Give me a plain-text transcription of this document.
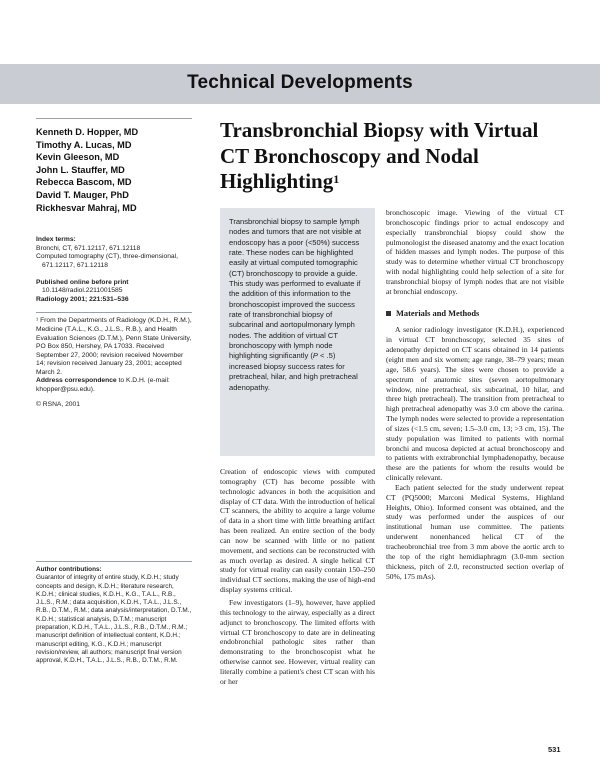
Technical Developments
Kenneth D. Hopper, MD
Timothy A. Lucas, MD
Kevin Gleeson, MD
John L. Stauffer, MD
Rebecca Bascom, MD
David T. Mauger, PhD
Rickhesvar Mahraj, MD
Index terms:
Bronchi, CT, 671.12117, 671.12118
Computed tomography (CT), three-dimensional, 671.12117, 671.12118
Published online before print
10.1148/radiol.2211001585
Radiology 2001; 221:531–536
¹ From the Departments of Radiology (K.D.H., R.M.), Medicine (T.A.L., K.G., J.L.S., R.B.), and Health Evaluation Sciences (D.T.M.), Penn State University, PO Box 850, Hershey, PA 17033. Received September 27, 2000; revision received November 14; revision received January 23, 2001; accepted March 2.
Address correspondence to K.D.H. (e-mail: khopper@psu.edu).
© RSNA, 2001
Author contributions:
Guarantor of integrity of entire study, K.D.H.; study concepts and design, K.D.H.; literature research, K.D.H.; clinical studies, K.D.H., K.G., T.A.L., R.B., J.L.S., R.M.; data acquisition, K.D.H., T.A.L., J.L.S., R.B., D.T.M., R.M.; data analysis/interpretation, D.T.M., K.D.H.; statistical analysis, D.T.M.; manuscript preparation, K.D.H., T.A.L., J.L.S., R.B., D.T.M., R.M.; manuscript definition of intellectual content, K.D.H.; manuscript editing, K.G., K.D.H.; manuscript revision/review, all authors; manuscript final version approval, K.D.H., T.A.L., J.L.S., R.B., D.T.M., R.M.
Transbronchial Biopsy with Virtual CT Bronchoscopy and Nodal Highlighting$^1$
Transbronchial biopsy to sample lymph nodes and tumors that are not visible at endoscopy has a poor (<50%) success rate. These nodes can be highlighted easily at virtual computed tomographic (CT) bronchoscopy to provide a guide. This study was performed to evaluate if the addition of this information to the bronchoscopist improved the success rate of transbronchial biopsy of subcarinal and aortopulmonary lymph nodes. The addition of virtual CT bronchoscopy with lymph node highlighting significantly (P < .5) increased biopsy success rates for pretracheal, hilar, and high pretracheal adenopathy.

Creation of endoscopic views with computed tomography (CT) has become possible with technologic advances in both the acquisition and display of CT data. With the introduction of helical CT scanners, the ability to acquire a large volume of data in a short time with little breathing artifact has been realized. An entire section of the body can now be scanned with little or no patient movement, and sections can be reconstructed with as much overlap as desired. A single helical CT study for virtual reality can easily contain 150–250 individual CT sections, making the use of high-end display systems critical.

Few investigators (1–9), however, have applied this technology to the airway, especially as a direct adjunct to bronchoscopy. The limited efforts with virtual CT bronchoscopy to date are in delineating endobronchial pathologic sites rather than demonstrating to the bronchoscopist what he otherwise cannot see. However, virtual reality can literally combine a patient's chest CT scan with his or her

bronchoscopic image. Viewing of the virtual CT bronchoscopic findings prior to actual endoscopy and especially transbronchial biopsy could show the pulmonologist the diseased anatomy and the exact location of hidden masses and lymph nodes. The purpose of this study was to determine whether virtual CT bronchoscopy with nodal highlighting could help selection of a site for transbronchial biopsy of lymph nodes that are not visible at bronchial endoscopy.

Materials and Methods

A senior radiology investigator (K.D.H.), experienced in virtual CT bronchoscopy, selected 35 sites of adenopathy depicted on CT scans obtained in 14 patients (eight men and six women; age range, 38–79 years; mean age, 58.6 years). The sites were chosen to provide a spectrum of anatomic sites (seven aortopulmonary window, nine pretracheal, six subcarinal, 10 hilar, and three high pretracheal). The transition from pretracheal to high pretracheal adenopathy was 3.0 cm above the carina. The lymph nodes were selected to provide a representation of sizes (<1.5 cm, seven; 1.5–3.0 cm, 13; >3 cm, 15). The study population was limited to patients with normal bronchi and mucosa depicted at actual bronchoscopy and to patients with extrabronchial lymphadenopathy, because these are the patients for whom the results would be clinically relevant.

Each patient selected for the study underwent repeat CT (PQ5000; Marconi Medical Systems, Highland Heights, Ohio). Informed consent was obtained, and the study was performed under the auspices of our institutional human use committee. The patients underwent nonenhanced helical CT of the tracheobronchial tree from 3 mm above the aortic arch to the top of the right hemidiaphragm (3.0-mm section thickness, pitch of 2.0, reconstructed section overlap of 50%, 175 mAs).

531
